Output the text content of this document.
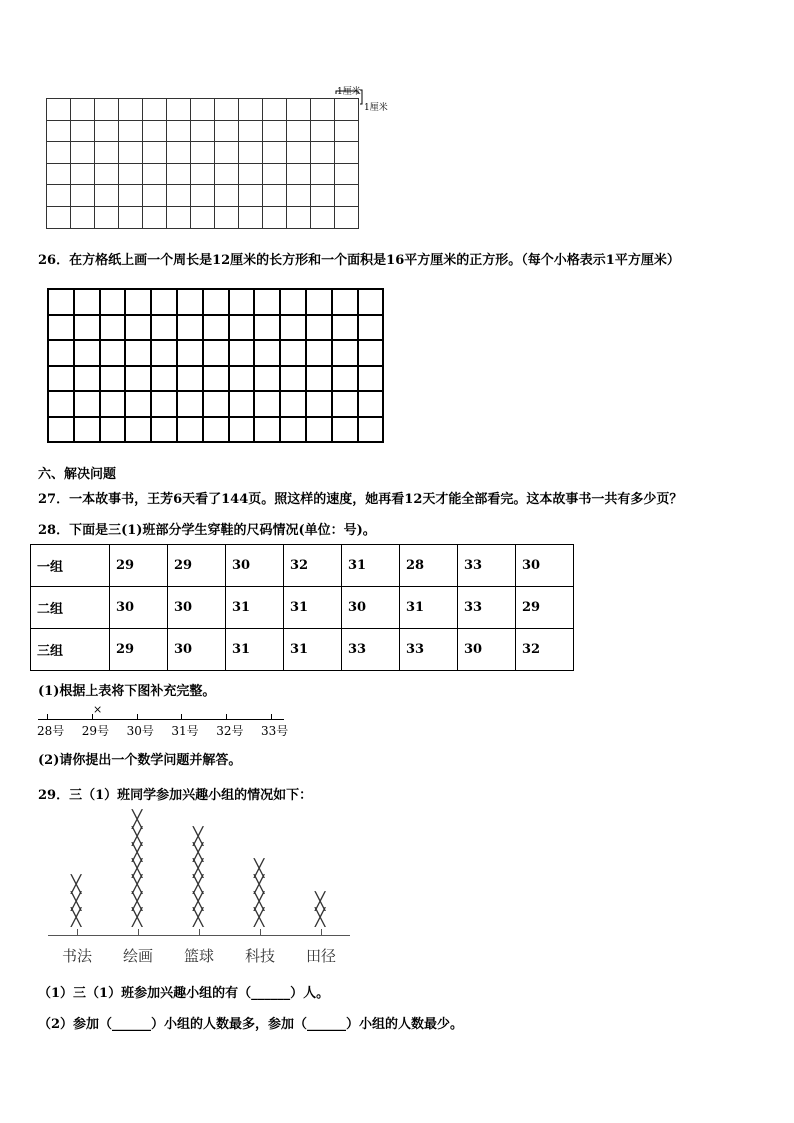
1厘米
1厘米
26．在方格纸上画一个周长是12厘米的长方形和一个面积是16平方厘米的正方形。（每个小格表示1平方厘米）
六、解决问题
27．一本故事书，王芳6天看了144页。照这样的速度，她再看12天才能全部看完。这本故事书一共有多少页？
28．下面是三(1)班部分学生穿鞋的尺码情况(单位：号)。
一组	29	29	30	32	31	28	33	30
二组	30	30	31	31	30	31	33	29
三组	29	30	31	31	33	33	30	32
(1)根据上表将下图补充完整。
28号 29号 30号 31号 32号 33号
×
(2)请你提出一个数学问题并解答。
29．三（1）班同学参加兴趣小组的情况如下：
书法
╳
╳
╳
绘画
╳
╳
╳
╳
╳
╳
╳
篮球
╳
╳
╳
╳
╳
╳
科技
╳
╳
╳
╳
田径
╳
╳
（1）三（1）班参加兴趣小组的有（______）人。
（2）参加（______）小组的人数最多，参加（______）小组的人数最少。
